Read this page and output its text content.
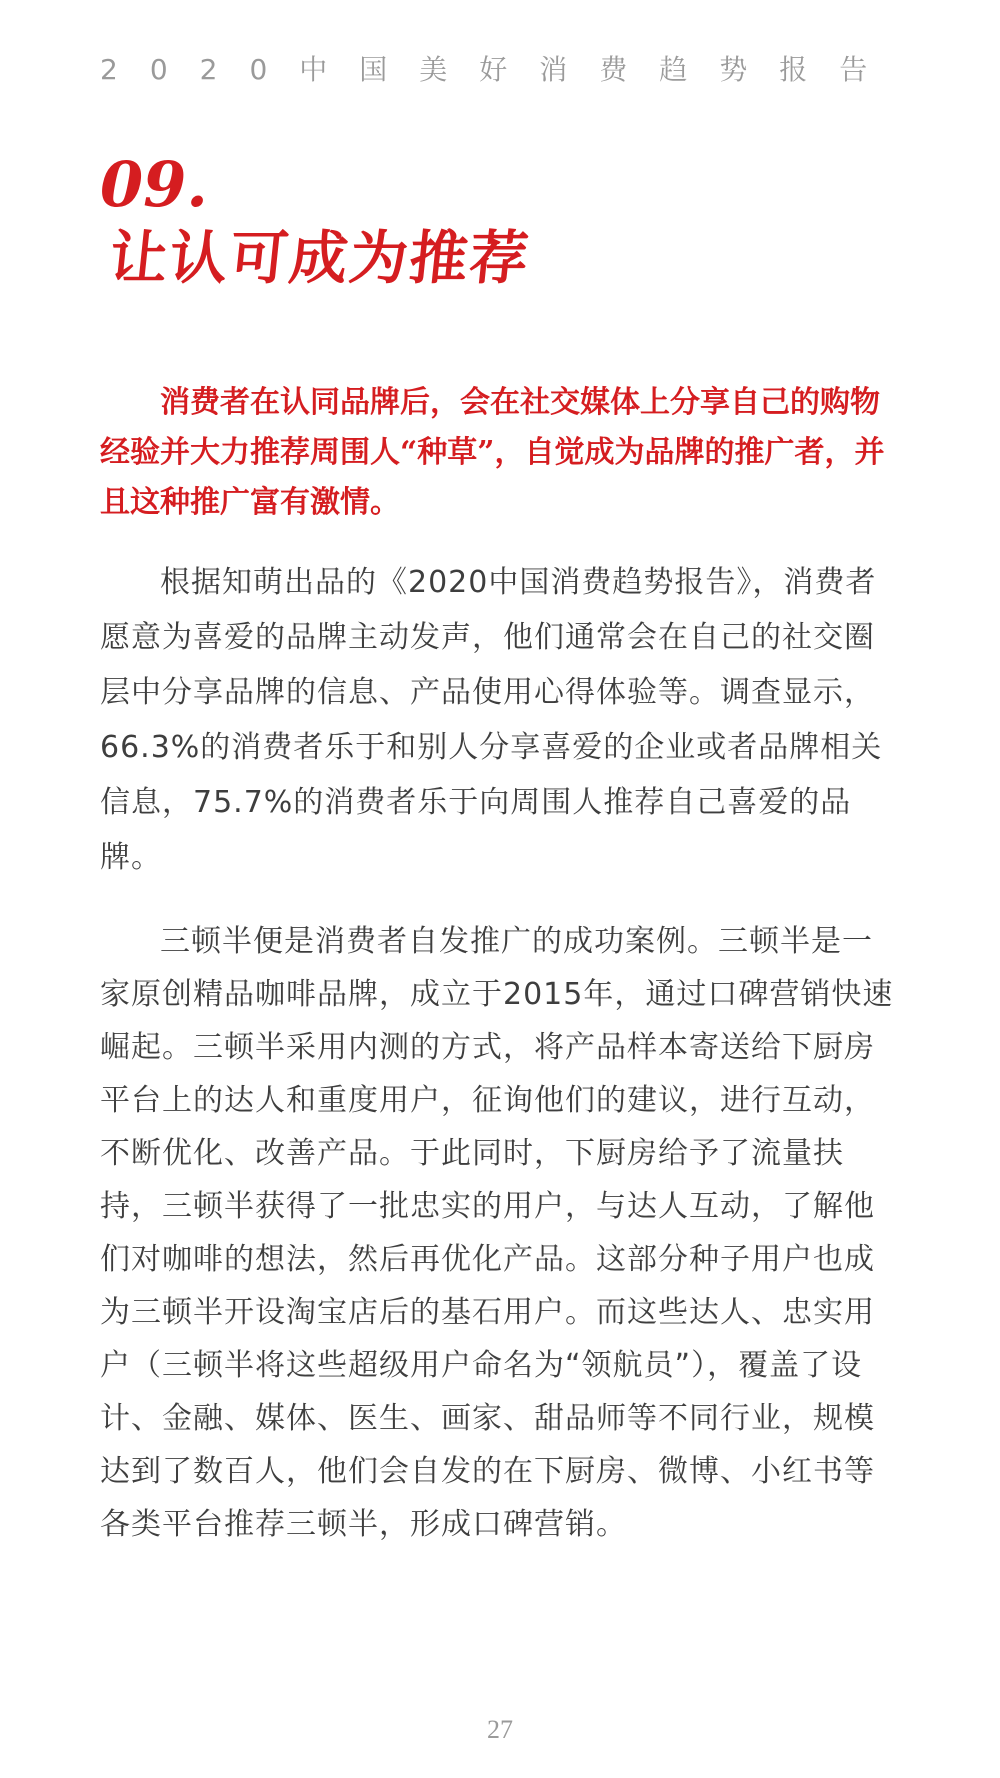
2020中国美好消费趋势报告
09.
让认可成为推荐

消费者在认同品牌后，会在社交媒体上分享自己的购物经验并大力推荐周围人“种草”，自觉成为品牌的推广者，并且这种推广富有激情。

根据知萌出品的《2020中国消费趋势报告》，消费者愿意为喜爱的品牌主动发声，他们通常会在自己的社交圈层中分享品牌的信息、产品使用心得体验等。调查显示，66.3%的消费者乐于和别人分享喜爱的企业或者品牌相关信息，75.7%的消费者乐于向周围人推荐自己喜爱的品牌。

三顿半便是消费者自发推广的成功案例。三顿半是一家原创精品咖啡品牌，成立于2015年，通过口碑营销快速崛起。三顿半采用内测的方式，将产品样本寄送给下厨房平台上的达人和重度用户，征询他们的建议，进行互动，不断优化、改善产品。于此同时，下厨房给予了流量扶持，三顿半获得了一批忠实的用户，与达人互动，了解他们对咖啡的想法，然后再优化产品。这部分种子用户也成为三顿半开设淘宝店后的基石用户。而这些达人、忠实用户（三顿半将这些超级用户命名为“领航员”），覆盖了设计、金融、媒体、医生、画家、甜品师等不同行业，规模达到了数百人，他们会自发的在下厨房、微博、小红书等各类平台推荐三顿半，形成口碑营销。

27
